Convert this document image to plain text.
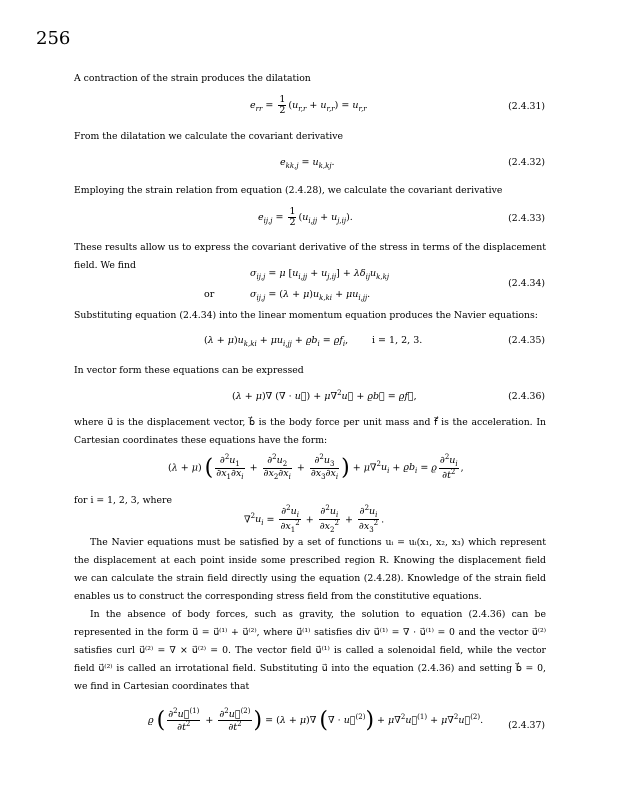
256
A contraction of the strain produces the dilatation
$e_{rr} = \frac{1}{2} (u_{r,r} + u_{r,r}) = u_{r,r}$	(2.4.31)
From the dilatation we calculate the covariant derivative
$e_{kk,j} = u_{k,kj}$.	(2.4.32)
Employing the strain relation from equation (2.4.28), we calculate the covariant derivative
$e_{ij,j} = \frac{1}{2} (u_{i,jj} + u_{j,ij})$.	(2.4.33)
These results allow us to express the covariant derivative of the stress in terms of the displacement field. We find
$\sigma_{ij,j} = \mu$ $[u_{i,jj} + u_{j,ij}] + \lambda\delta_{ij}u_{k,kj}$
or	$\sigma_{ij,j} = (\lambda + \mu)u_{k,ki} + \mu u_{i,jj}$.
(2.4.34)
Substituting equation (2.4.34) into the linear momentum equation produces the Navier equations:
$(\lambda + \mu)u_{k,ki} + \mu u_{i,jj} + ϱb_i = ϱf_i$,	i = 1, 2, 3.	(2.4.35)
In vector form these equations can be expressed
(λ + μ)∇ (∇ · u⃗) + μ∇$^2$u⃗ + ϱb⃗ = ϱf⃗,	(2.4.36)
where u⃗ is the displacement vector, b⃗ is the body force per unit mass and f⃗ is the acceleration. In Cartesian coordinates these equations have the form:
(λ + μ) ( $\frac{\partial^2u_1}{\partial x_1\partial x_i} + \frac{\partial^2u_2}{\partial x_2\partial x_i} + \frac{\partial^2u_3}{\partial x_3\partial x_i}$ ) + $\mu\nabla^2u_i + ϱb_i = ϱ \frac{\partial^2u_i}{\partial t^2}$ ,
for i = 1, 2, 3, where
$\nabla^2u_i = \frac{\partial^2u_i}{\partial x_1^2} + \frac{\partial^2u_i}{\partial x_2^2} + \frac{\partial^2u_i}{\partial x_3^2}$ .
The Navier equations must be satisfied by a set of functions uᵢ = uᵢ(x₁, x₂, x₃) which represent the displacement at each point inside some prescribed region R. Knowing the displacement field we can calculate the strain field directly using the equation (2.4.28). Knowledge of the strain field enables us to construct the corresponding stress field from the constitutive equations.
In the absence of body forces, such as gravity, the solution to equation (2.4.36) can be represented in the form u⃗ = u⃗⁽¹⁾ + u⃗⁽²⁾, where u⃗⁽¹⁾ satisfies div u⃗⁽¹⁾ = ∇ · u⃗⁽¹⁾ = 0 and the vector u⃗⁽²⁾ satisfies curl u⃗⁽²⁾ = ∇ × u⃗⁽²⁾ = 0. The vector field u⃗⁽¹⁾ is called a solenoidal field, while the vector field u⃗⁽²⁾ is called an irrotational field. Substituting u⃗ into the equation (2.4.36) and setting b⃗ = 0, we find in Cartesian coordinates that
ϱ ( $\frac{\partial^2u⃗^{(1)}}{\partial t^2} + \frac{\partial^2u⃗^{(2)}}{\partial t^2}$ ) = (λ + μ)∇ (∇ · u⃗$^{(2)}$) + μ∇$^2$u⃗$^{(1)}$ + μ∇$^2$u⃗$^{(2)}$.	(2.4.37)
